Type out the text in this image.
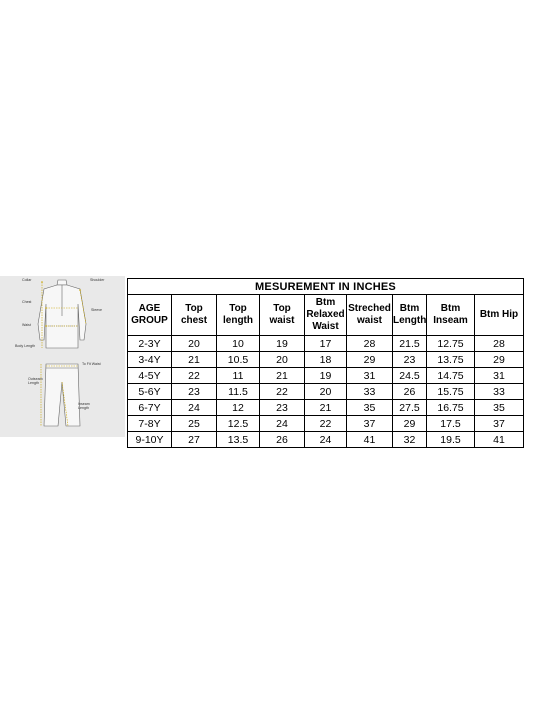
Collar	Shoulder
Chest
Sleeve
Waist
Body Length
To Fit Waist
Outseam Length
Inseam Length
MESUREMENT IN INCHES								
AGE GROUP	Top chest	Top length	Top waist	Btm Relaxed Waist	Streched waist	Btm Length	Btm Inseam	Btm Hip
2-3Y	20	10	19	17	28	21.5	12.75	28
3-4Y	21	10.5	20	18	29	23	13.75	29
4-5Y	22	11	21	19	31	24.5	14.75	31
5-6Y	23	11.5	22	20	33	26	15.75	33
6-7Y	24	12	23	21	35	27.5	16.75	35
7-8Y	25	12.5	24	22	37	29	17.5	37
9-10Y	27	13.5	26	24	41	32	19.5	41
